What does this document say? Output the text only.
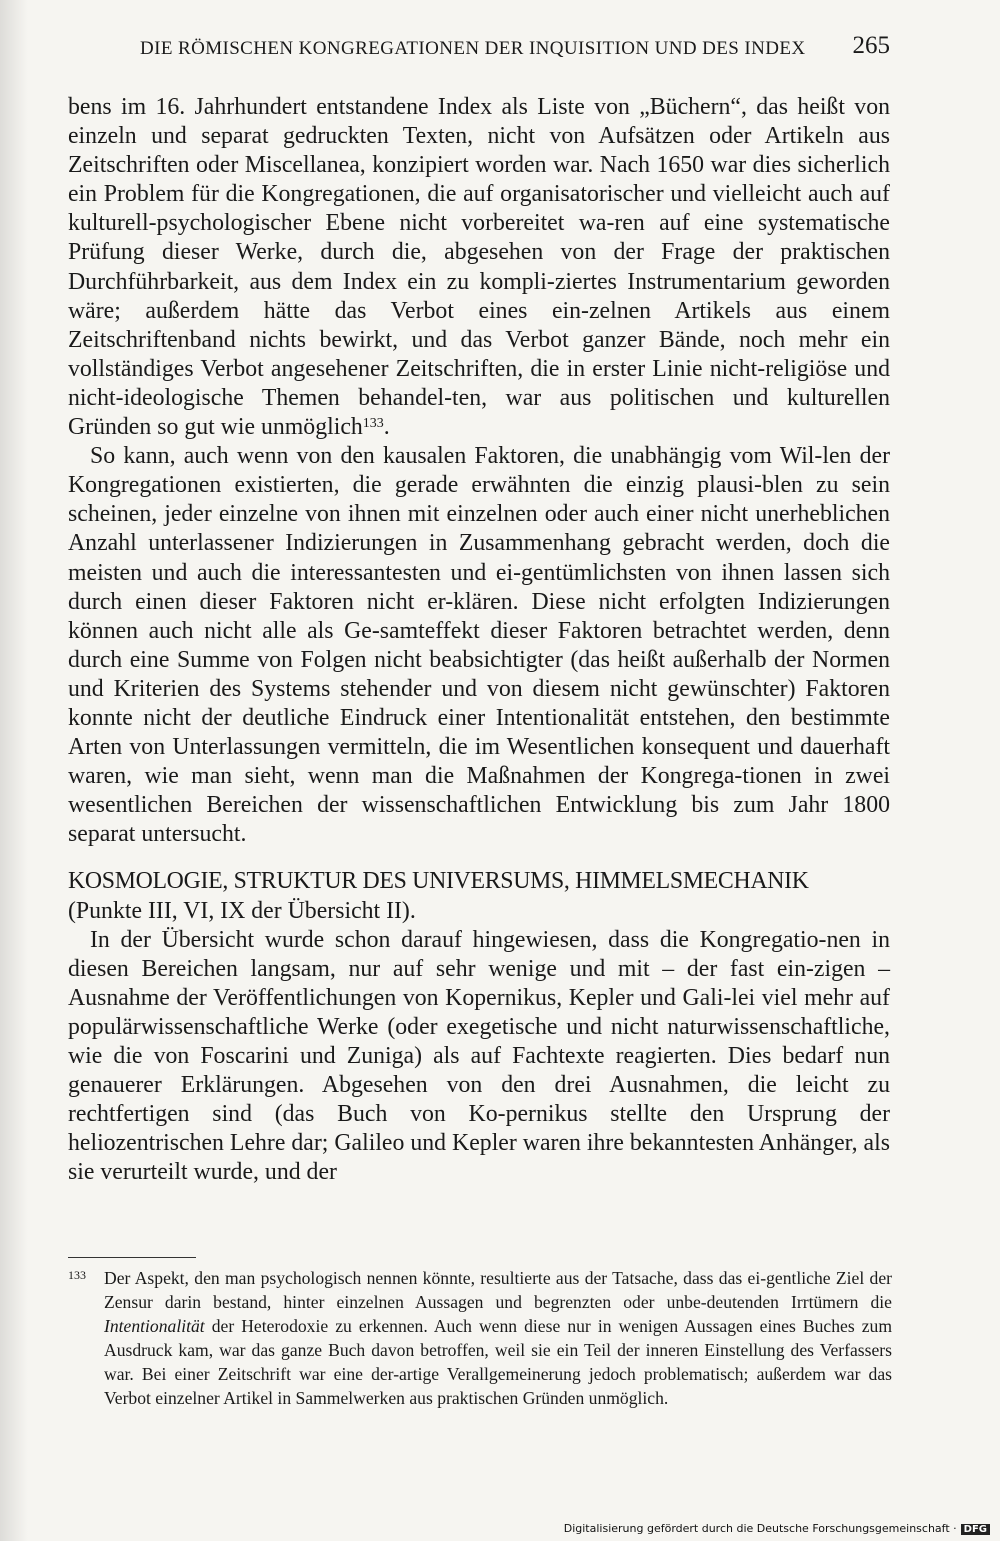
DIE RÖMISCHEN KONGREGATIONEN DER INQUISITION UND DES INDEX 265

bens im 16. Jahrhundert entstandene Index als Liste von „Büchern“, das heißt von einzeln und separat gedruckten Texten, nicht von Aufsätzen oder Artikeln aus Zeitschriften oder Miscellanea, konzipiert worden war. Nach 1650 war dies sicherlich ein Problem für die Kongregationen, die auf organisatorischer und vielleicht auch auf kulturell-psychologischer Ebene nicht vorbereitet wa-ren auf eine systematische Prüfung dieser Werke, durch die, abgesehen von der Frage der praktischen Durchführbarkeit, aus dem Index ein zu kompli-ziertes Instrumentarium geworden wäre; außerdem hätte das Verbot eines ein-zelnen Artikels aus einem Zeitschriftenband nichts bewirkt, und das Verbot ganzer Bände, noch mehr ein vollständiges Verbot angesehener Zeitschriften, die in erster Linie nicht-religiöse und nicht-ideologische Themen behandel-ten, war aus politischen und kulturellen Gründen so gut wie unmöglich$^{133}$.

So kann, auch wenn von den kausalen Faktoren, die unabhängig vom Wil-len der Kongregationen existierten, die gerade erwähnten die einzig plausi-blen zu sein scheinen, jeder einzelne von ihnen mit einzelnen oder auch einer nicht unerheblichen Anzahl unterlassener Indizierungen in Zusammenhang gebracht werden, doch die meisten und auch die interessantesten und ei-gentümlichsten von ihnen lassen sich durch einen dieser Faktoren nicht er-klären. Diese nicht erfolgten Indizierungen können auch nicht alle als Ge-samteffekt dieser Faktoren betrachtet werden, denn durch eine Summe von Folgen nicht beabsichtigter (das heißt außerhalb der Normen und Kriterien des Systems stehender und von diesem nicht gewünschter) Faktoren konnte nicht der deutliche Eindruck einer Intentionalität entstehen, den bestimmte Arten von Unterlassungen vermitteln, die im Wesentlichen konsequent und dauerhaft waren, wie man sieht, wenn man die Maßnahmen der Kongrega-tionen in zwei wesentlichen Bereichen der wissenschaftlichen Entwicklung bis zum Jahr 1800 separat untersucht.

KOSMOLOGIE, STRUKTUR DES UNIVERSUMS, HIMMELSMECHANIK

(Punkte III, VI, IX der Übersicht II).

In der Übersicht wurde schon darauf hingewiesen, dass die Kongregatio-nen in diesen Bereichen langsam, nur auf sehr wenige und mit – der fast ein-zigen – Ausnahme der Veröffentlichungen von Kopernikus, Kepler und Gali-lei viel mehr auf populärwissenschaftliche Werke (oder exegetische und nicht naturwissenschaftliche, wie die von Foscarini und Zuniga) als auf Fachtexte reagierten. Dies bedarf nun genauerer Erklärungen. Abgesehen von den drei Ausnahmen, die leicht zu rechtfertigen sind (das Buch von Ko-pernikus stellte den Ursprung der heliozentrischen Lehre dar; Galileo und Kepler waren ihre bekanntesten Anhänger, als sie verurteilt wurde, und der

133 Der Aspekt, den man psychologisch nennen könnte, resultierte aus der Tatsache, dass das ei-gentliche Ziel der Zensur darin bestand, hinter einzelnen Aussagen und begrenzten oder unbe-deutenden Irrtümern die Intentionalität der Heterodoxie zu erkennen. Auch wenn diese nur in wenigen Aussagen eines Buches zum Ausdruck kam, war das ganze Buch davon betroffen, weil sie ein Teil der inneren Einstellung des Verfassers war. Bei einer Zeitschrift war eine der-artige Verallgemeinerung jedoch problematisch; außerdem war das Verbot einzelner Artikel in Sammelwerken aus praktischen Gründen unmöglich.

Digitalisierung gefördert durch die Deutsche Forschungsgemeinschaft · DFG
